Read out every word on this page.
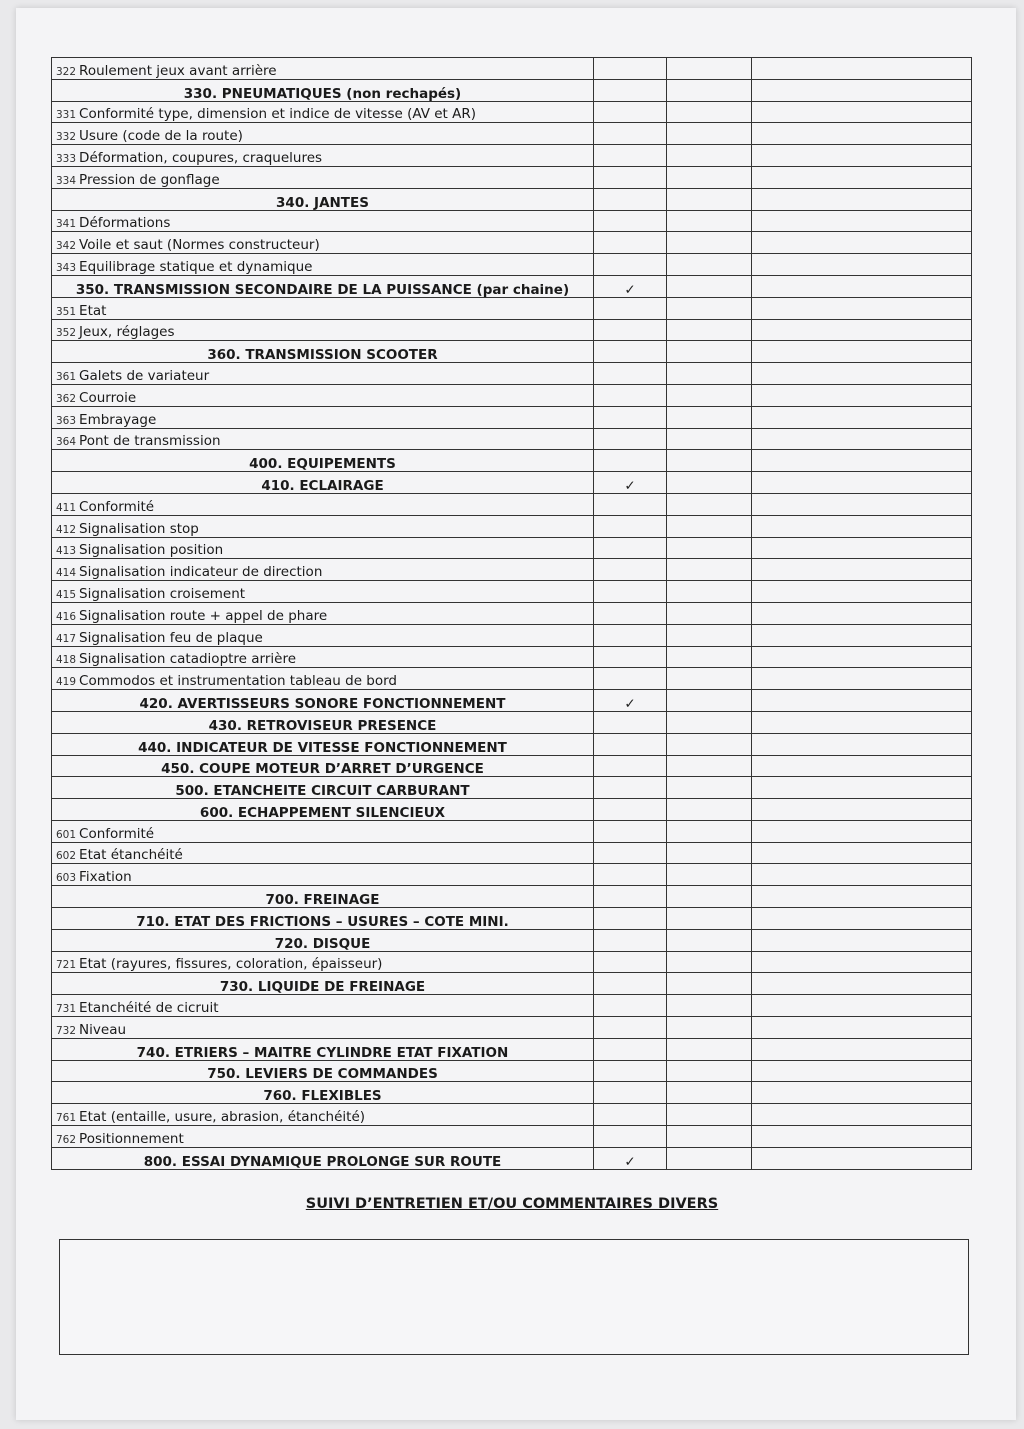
322 Roulement jeux avant arrière			
330. PNEUMATIQUES (non rechapés)			
331 Conformité type, dimension et indice de vitesse (AV et AR)			
332 Usure (code de la route)			
333 Déformation, coupures, craquelures			
334 Pression de gonflage			
340. JANTES			
341 Déformations			
342 Voile et saut (Normes constructeur)			
343 Equilibrage statique et dynamique			
350. TRANSMISSION SECONDAIRE DE LA PUISSANCE (par chaine)	✓		
351 Etat			
352 Jeux, réglages			
360. TRANSMISSION SCOOTER			
361 Galets de variateur			
362 Courroie			
363 Embrayage			
364 Pont de transmission			
400. EQUIPEMENTS			
410. ECLAIRAGE	✓		
411 Conformité			
412 Signalisation stop			
413 Signalisation position			
414 Signalisation indicateur de direction			
415 Signalisation croisement			
416 Signalisation route + appel de phare			
417 Signalisation feu de plaque			
418 Signalisation catadioptre arrière			
419 Commodos et instrumentation tableau de bord			
420. AVERTISSEURS SONORE FONCTIONNEMENT	✓		
430. RETROVISEUR PRESENCE			
440. INDICATEUR DE VITESSE FONCTIONNEMENT			
450. COUPE MOTEUR D’ARRET D’URGENCE			
500. ETANCHEITE CIRCUIT CARBURANT			
600. ECHAPPEMENT SILENCIEUX			
601 Conformité			
602 Etat étanchéité			
603 Fixation			
700. FREINAGE			
710. ETAT DES FRICTIONS – USURES – COTE MINI.			
720. DISQUE			
721 Etat (rayures, fissures, coloration, épaisseur)			
730. LIQUIDE DE FREINAGE			
731 Etanchéité de cicruit			
732 Niveau			
740. ETRIERS – MAITRE CYLINDRE ETAT FIXATION			
750. LEVIERS DE COMMANDES			
760. FLEXIBLES			
761 Etat (entaille, usure, abrasion, étanchéité)			
762 Positionnement			
800. ESSAI DYNAMIQUE PROLONGE SUR ROUTE	✓		
SUIVI D’ENTRETIEN ET/OU COMMENTAIRES DIVERS
